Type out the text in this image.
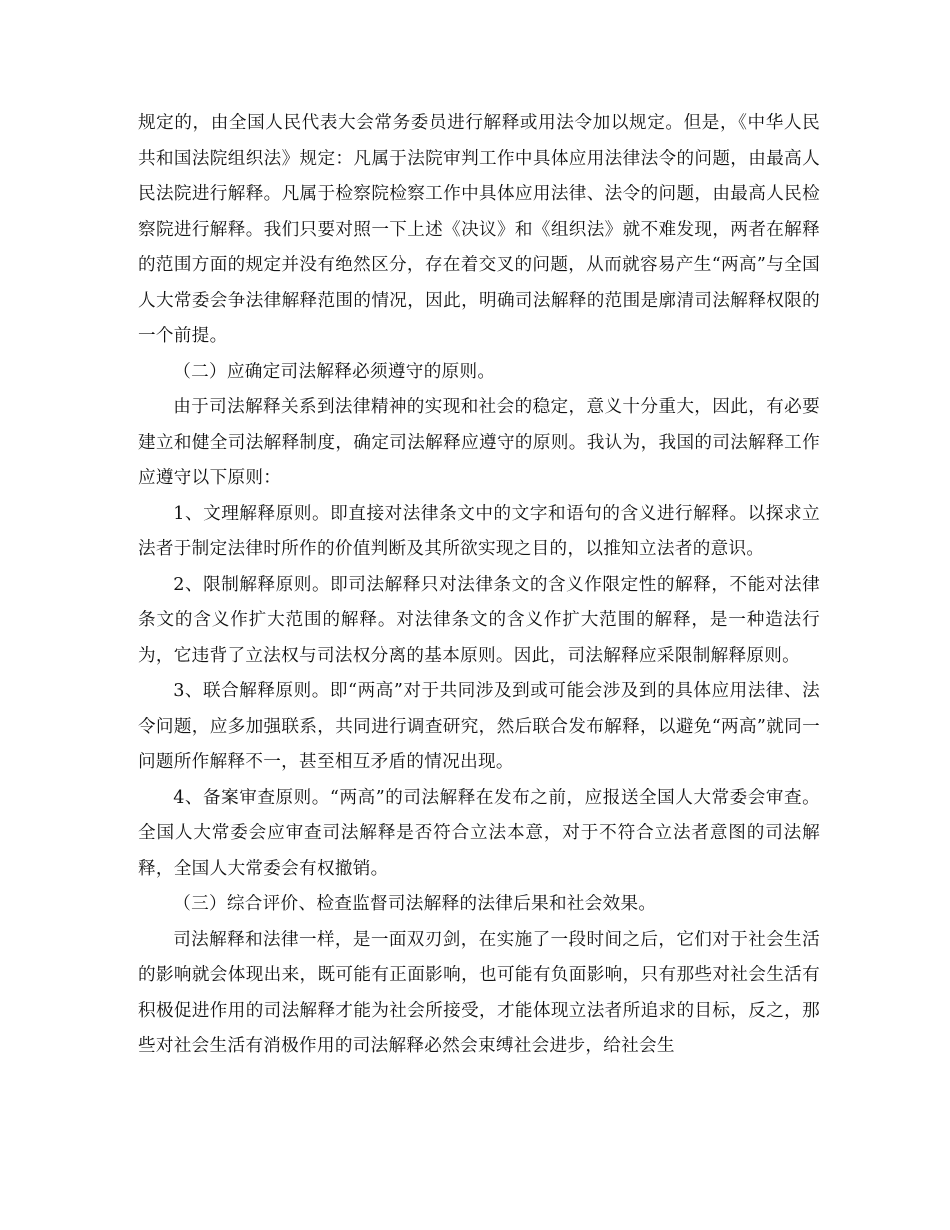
规定的，由全国人民代表大会常务委员进行解释或用法令加以规定。但是，《中华人民共和国法院组织法》规定：凡属于法院审判工作中具体应用法律法令的问题，由最高人民法院进行解释。凡属于检察院检察工作中具体应用法律、法令的问题，由最高人民检察院进行解释。我们只要对照一下上述《决议》和《组织法》就不难发现，两者在解释的范围方面的规定并没有绝然区分，存在着交叉的问题，从而就容易产生“两高”与全国人大常委会争法律解释范围的情况，因此，明确司法解释的范围是廓清司法解释权限的一个前提。

（二）应确定司法解释必须遵守的原则。

由于司法解释关系到法律精神的实现和社会的稳定，意义十分重大，因此，有必要建立和健全司法解释制度，确定司法解释应遵守的原则。我认为，我国的司法解释工作应遵守以下原则：

1、文理解释原则。即直接对法律条文中的文字和语句的含义进行解释。以探求立法者于制定法律时所作的价值判断及其所欲实现之目的，以推知立法者的意识。

2、限制解释原则。即司法解释只对法律条文的含义作限定性的解释，不能对法律条文的含义作扩大范围的解释。对法律条文的含义作扩大范围的解释，是一种造法行为，它违背了立法权与司法权分离的基本原则。因此，司法解释应采限制解释原则。

3、联合解释原则。即“两高”对于共同涉及到或可能会涉及到的具体应用法律、法令问题，应多加强联系，共同进行调查研究，然后联合发布解释，以避免“两高”就同一问题所作解释不一，甚至相互矛盾的情况出现。

4、备案审查原则。“两高”的司法解释在发布之前，应报送全国人大常委会审查。全国人大常委会应审查司法解释是否符合立法本意，对于不符合立法者意图的司法解释，全国人大常委会有权撤销。

（三）综合评价、检查监督司法解释的法律后果和社会效果。

司法解释和法律一样，是一面双刃剑，在实施了一段时间之后，它们对于社会生活的影响就会体现出来，既可能有正面影响，也可能有负面影响，只有那些对社会生活有积极促进作用的司法解释才能为社会所接受，才能体现立法者所追求的目标，反之，那些对社会生活有消极作用的司法解释必然会束缚社会进步，给社会生
